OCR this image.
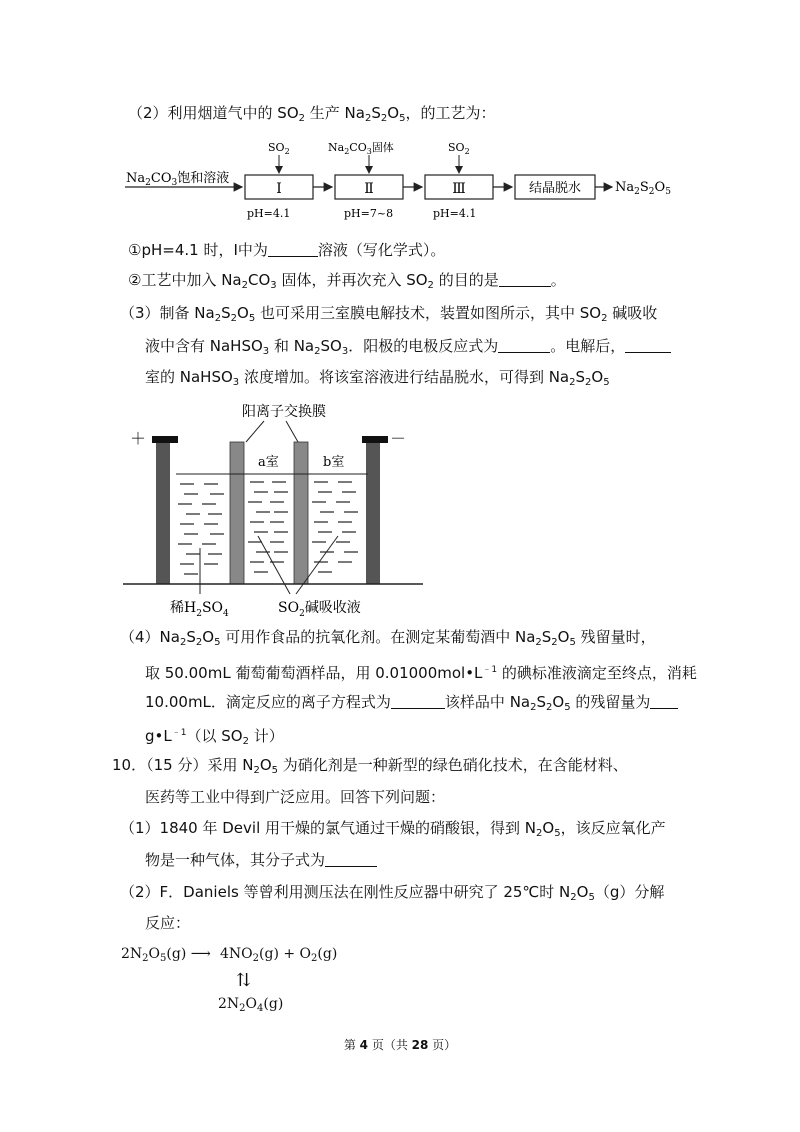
（2）利用烟道气中的 $SO_2$ 生产 $Na_2S_2O_5$，的工艺为：
$Na_2CO_3$饱和溶液
Ⅰ
$SO_2$
pH=4.1
Ⅱ
$Na_2CO_3$固体
pH=7~8
Ⅲ
$SO_2$
pH=4.1
结晶脱水	$Na_2S_2O_5$
①pH=4.1 时，Ⅰ中为	溶液（写化学式）。
②工艺中加入 $Na_2CO_3$ 固体，并再次充入 $SO_2$ 的目的是	。
（3）制备 $Na_2S_2O_5$ 也可采用三室膜电解技术，装置如图所示，其中 $SO_2$ 碱吸收
液中含有 NaHSO$_3$ 和 $Na_2SO_3$．阳极的电极反应式为	。电解后，
室的 NaHSO$_3$ 浓度增加。将该室溶液进行结晶脱水，可得到 $Na_2S_2O_5$
阳离子交换膜
＋	－
a室	b室
稀$H_2SO_4$	$SO_2$碱吸收液
$(4)Na_2S_2O_5$ 可用作食品的抗氧化剂。在测定某葡萄酒中 $Na_2S_2O_5$ 残留量时，
取 50.00mL 葡萄葡萄酒样品，用 $0.01000mol•L^{﹣1}$ 的碘标准液滴定至终点，消耗
10.00mL．滴定反应的离子方程式为	该样品中 $Na_2S_2O_5$ 的残留量为
$g•L^{﹣1}$（以 $SO_2$ 计）
10．（15 分）采用 $N_2O_5$ 为硝化剂是一种新型的绿色硝化技术，在含能材料、
医药等工业中得到广泛应用。回答下列问题：
（1）1840 年 Devil 用干燥的氯气通过干燥的硝酸银，得到 $N_2O_5$，该反应氧化产
物是一种气体，其分子式为
（2）F．Daniels 等曾利用测压法在刚性反应器中研究了 25℃时 $N_2O_5(g)$分解
反应：
$2N_2O_5(g)$ ⟶ $4NO_2(g) + O_2(g)$
⇅
$2N_2O_4(g)$
第 4 页（共 28 页）
